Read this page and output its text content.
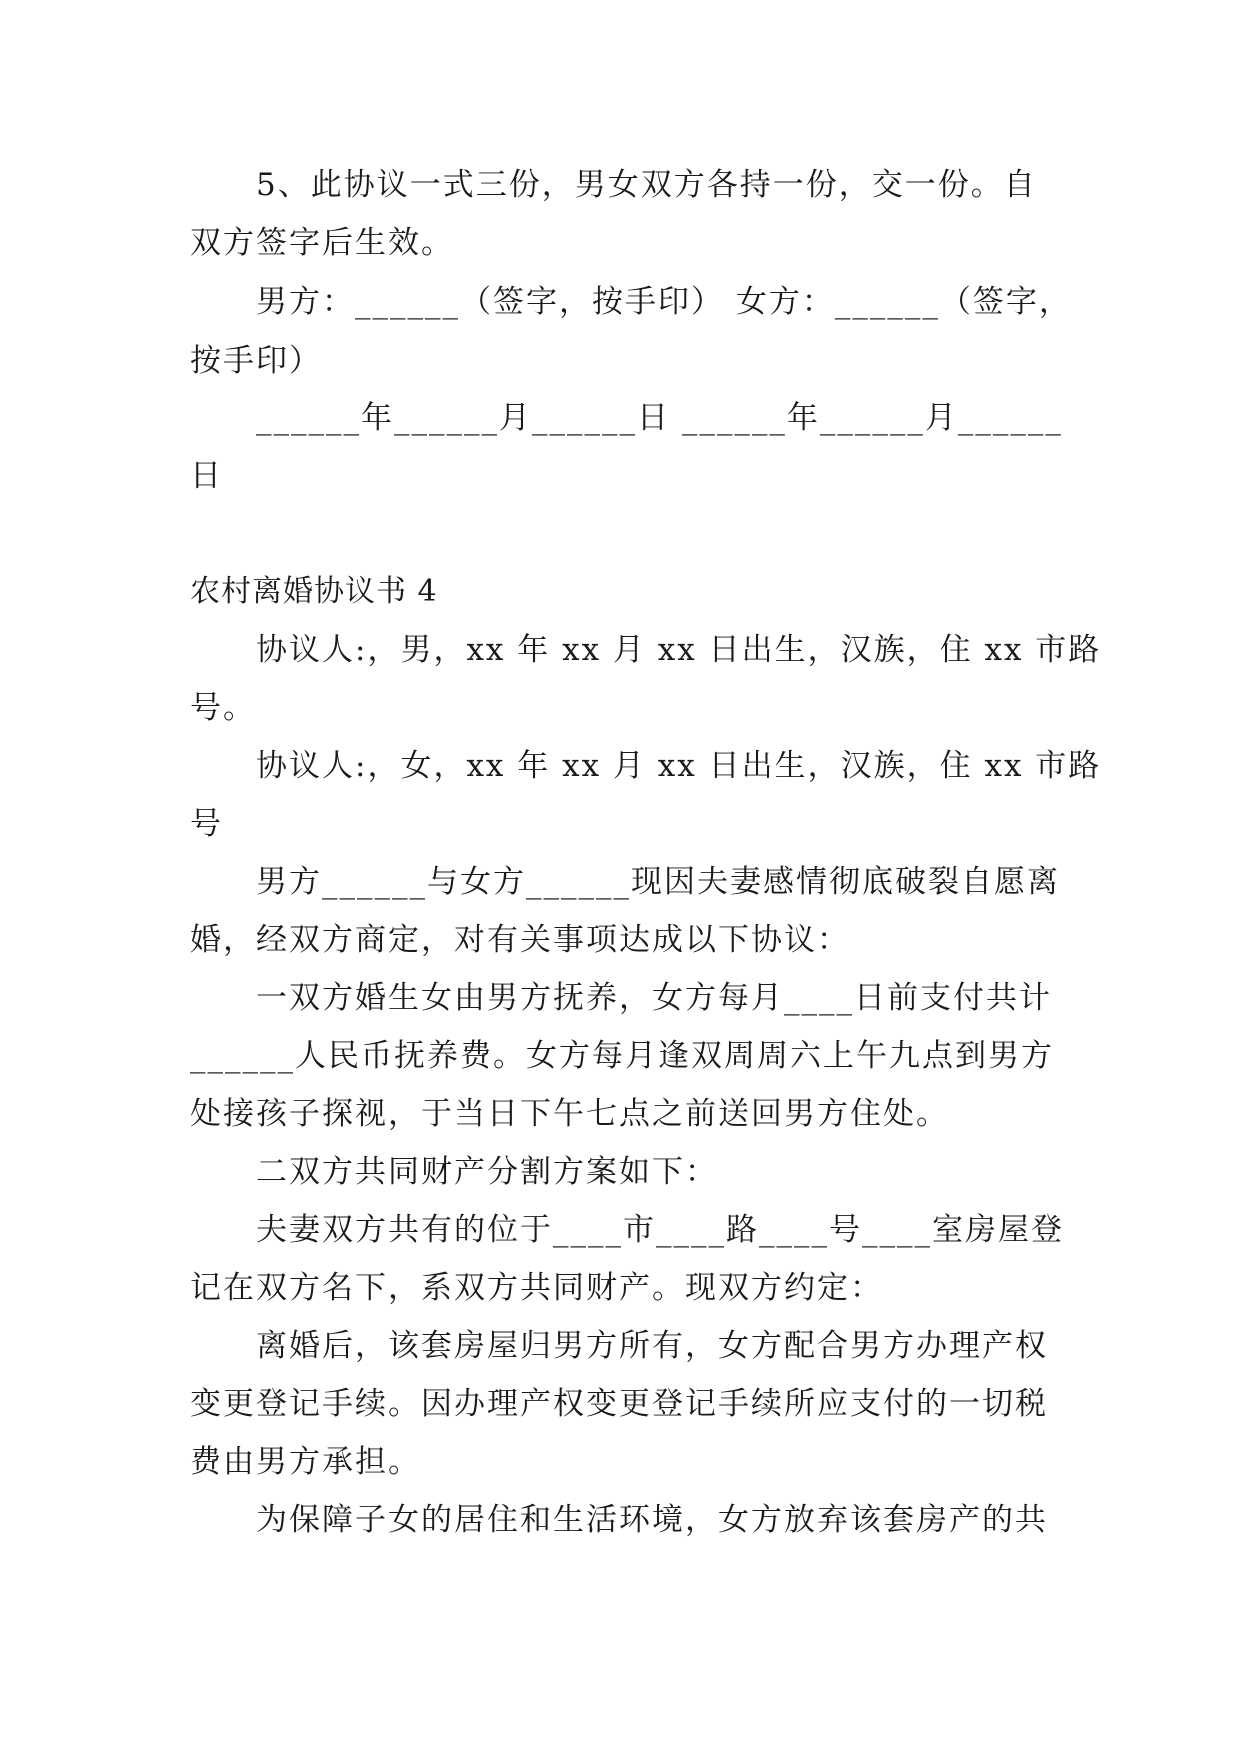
5、此协议一式三份，男女双方各持一份，交一份。自
双方签字后生效。
男方：______（签字，按手印） 女方：______（签字，
按手印）
______年______月______日 ______年______月______
日
农村离婚协议书 4
协议人:，男，xx 年 xx 月 xx 日出生，汉族，住 xx 市路
号。
协议人:，女，xx 年 xx 月 xx 日出生，汉族，住 xx 市路
号
男方______与女方______现因夫妻感情彻底破裂自愿离
婚，经双方商定，对有关事项达成以下协议：
一双方婚生女由男方抚养，女方每月____日前支付共计
______人民币抚养费。女方每月逢双周周六上午九点到男方
处接孩子探视，于当日下午七点之前送回男方住处。
二双方共同财产分割方案如下：
夫妻双方共有的位于____市____路____号____室房屋登
记在双方名下，系双方共同财产。现双方约定：
离婚后，该套房屋归男方所有，女方配合男方办理产权
变更登记手续。因办理产权变更登记手续所应支付的一切税
费由男方承担。
为保障子女的居住和生活环境，女方放弃该套房产的共
